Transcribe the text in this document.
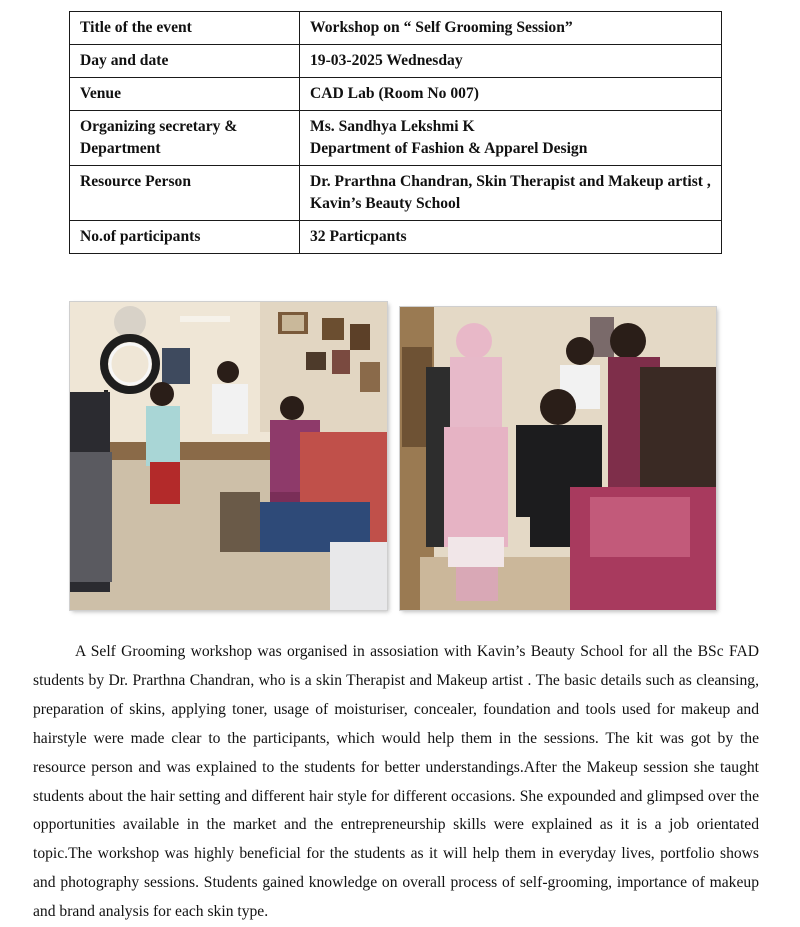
Title of the event	Workshop on “ Self Grooming Session”
Day and date	19-03-2025 Wednesday
Venue	CAD Lab (Room No 007)
Organizing secretary & Department	Ms. Sandhya Lekshmi K
Department of Fashion & Apparel Design

Resource Person	Dr. Prarthna Chandran, Skin Therapist and Makeup artist , Kavin’s Beauty School
No.of participants	32 Particpants

A Self Grooming workshop was organised in assosiation with Kavin’s Beauty School for all the BSc FAD students by Dr. Prarthna Chandran, who is a skin Therapist and Makeup artist . The basic details such as cleansing, preparation of skins, applying toner, usage of moisturiser, concealer, foundation and tools used for makeup and hairstyle were made clear to the participants, which would help them in the sessions. The kit was got by the resource person and was explained to the students for better understandings.After the Makeup session she taught students about the hair setting and different hair style for different occasions. She expounded and glimpsed over the opportunities available in the market and the entrepreneurship skills were explained as it is a job orientated topic.The workshop was highly beneficial for the students as it will help them in everyday lives, portfolio shows and photography sessions. Students gained knowledge on overall process of self-grooming, importance of makeup and brand analysis for each skin type.
